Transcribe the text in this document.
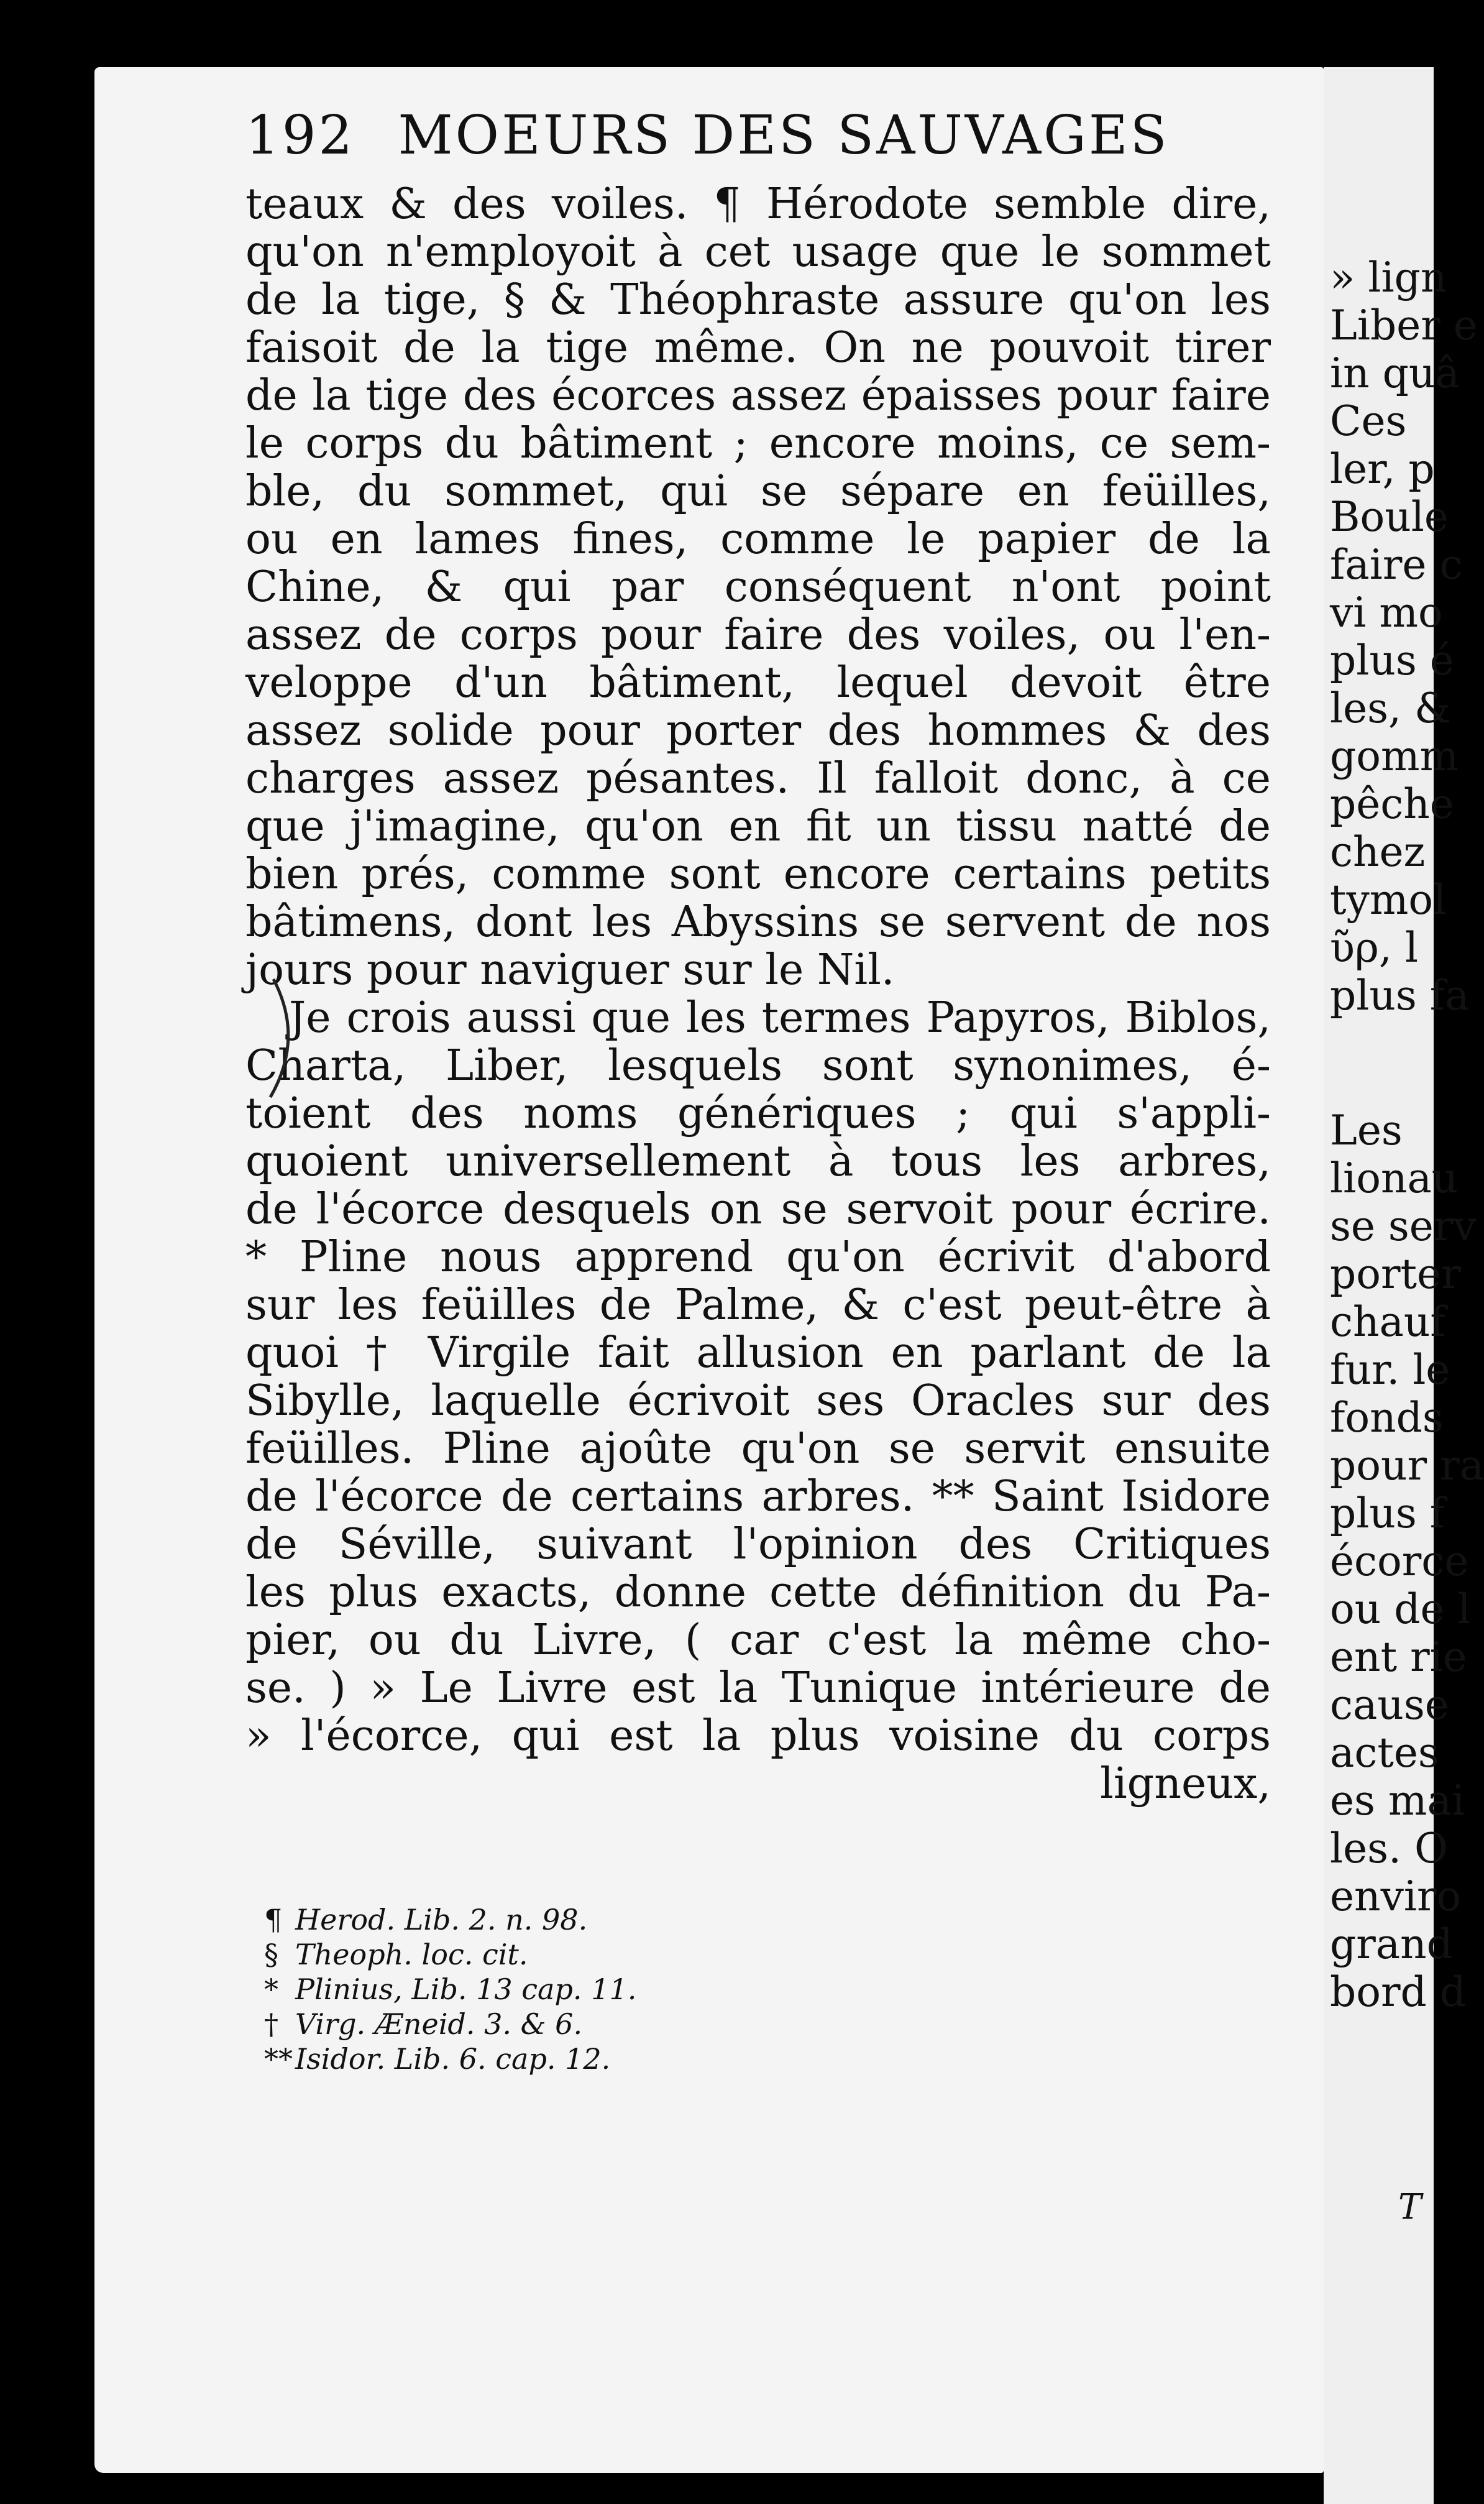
192 MOEURS DES SAUVAGES
teaux & des voiles. ¶ Hérodote semble dire,
qu'on n'employoit à cet usage que le sommet
de la tige, § & Théophraste assure qu'on les
faisoit de la tige même. On ne pouvoit tirer
de la tige des écorces assez épaisses pour faire
le corps du bâtiment ; encore moins, ce sem-
ble, du sommet, qui se sépare en feüilles,
ou en lames fines, comme le papier de la
Chine, & qui par conséquent n'ont point
assez de corps pour faire des voiles, ou l'en-
veloppe d'un bâtiment, lequel devoit être
assez solide pour porter des hommes & des
charges assez pésantes. Il falloit donc, à ce
que j'imagine, qu'on en fit un tissu natté de
bien prés, comme sont encore certains petits
bâtimens, dont les Abyssins se servent de nos
jours pour naviguer sur le Nil.
Je crois aussi que les termes Papyros, Biblos,
Charta, Liber, lesquels sont synonimes, é-
toient des noms génériques ; qui s'appli-
quoient universellement à tous les arbres,
de l'écorce desquels on se servoit pour écrire.
* Pline nous apprend qu'on écrivit d'abord
sur les feüilles de Palme, & c'est peut-être à
quoi † Virgile fait allusion en parlant de la
Sibylle, laquelle écrivoit ses Oracles sur des
feüilles. Pline ajoûte qu'on se servit ensuite
de l'écorce de certains arbres. ** Saint Isidore
de Séville, suivant l'opinion des Critiques
les plus exacts, donne cette définition du Pa-
pier, ou du Livre, ( car c'est la même cho-
se. ) » Le Livre est la Tunique intérieure de
» l'écorce, qui est la plus voisine du corps
ligneux,
¶ Herod. Lib. 2. n. 98.
§ Theoph. loc. cit.
* Plinius, Lib. 13 cap. 11.
† Virg. Æneid. 3. & 6.
**Isidor. Lib. 6. cap. 12.
» lign
Liber e
in quâ
Ces
ler, p
Boule
faire c
vi mo
plus é
les, &
gomm
pêche
chez
tymol
ῦρ, l
plus fa
Les
lionau
se serv
porter
chauf
fur. le
fonds
pour ra
plus f
écorce
ou de l
ent rie
cause
actes
es mai
les. O
enviro
grand
bord d
T
